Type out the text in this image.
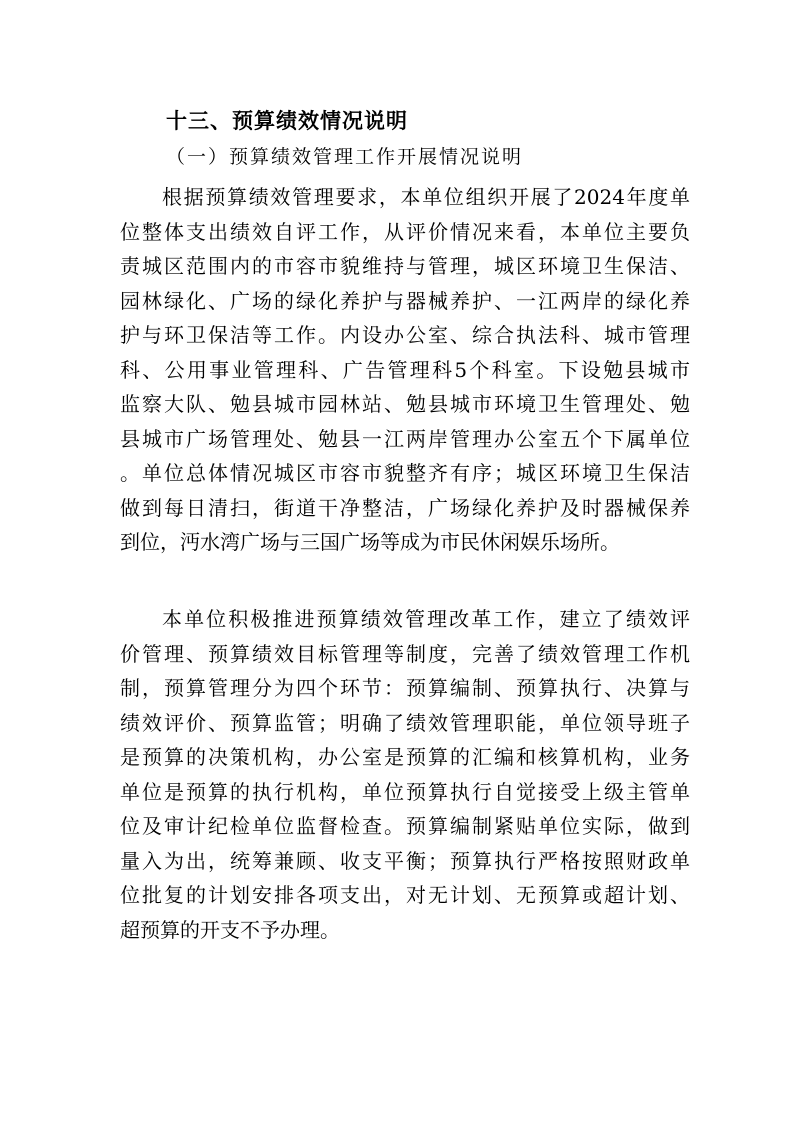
十三、预算绩效情况说明
（一）预算绩效管理工作开展情况说明
根据预算绩效管理要求，本单位组织开展了2024年度单
位整体支出绩效自评工作，从评价情况来看，本单位主要负
责城区范围内的市容市貌维持与管理，城区环境卫生保洁、
园林绿化、广场的绿化养护与器械养护、一江两岸的绿化养
护与环卫保洁等工作。内设办公室、综合执法科、城市管理
科、公用事业管理科、广告管理科5个科室。下设勉县城市
监察大队、勉县城市园林站、勉县城市环境卫生管理处、勉
县城市广场管理处、勉县一江两岸管理办公室五个下属单位
。单位总体情况城区市容市貌整齐有序；城区环境卫生保洁
做到每日清扫，街道干净整洁，广场绿化养护及时器械保养
到位，沔水湾广场与三国广场等成为市民休闲娱乐场所。
本单位积极推进预算绩效管理改革工作，建立了绩效评
价管理、预算绩效目标管理等制度，完善了绩效管理工作机
制，预算管理分为四个环节：预算编制、预算执行、决算与
绩效评价、预算监管；明确了绩效管理职能，单位领导班子
是预算的决策机构，办公室是预算的汇编和核算机构，业务
单位是预算的执行机构，单位预算执行自觉接受上级主管单
位及审计纪检单位监督检查。预算编制紧贴单位实际，做到
量入为出，统筹兼顾、收支平衡；预算执行严格按照财政单
位批复的计划安排各项支出，对无计划、无预算或超计划、
超预算的开支不予办理。
